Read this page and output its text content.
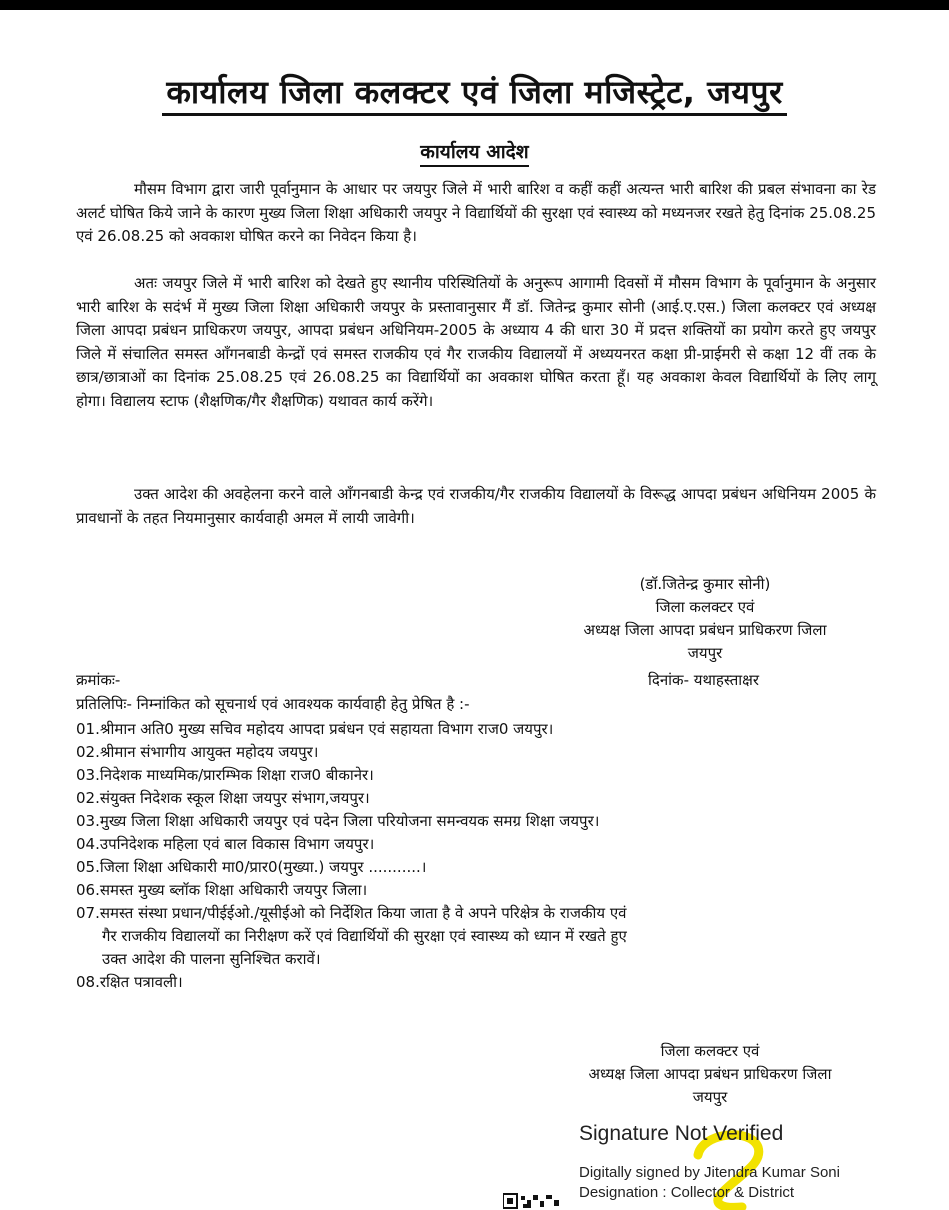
कार्यालय जिला कलक्टर एवं जिला मजिस्ट्रेट, जयपुर
कार्यालय आदेश

मौसम विभाग द्वारा जारी पूर्वानुमान के आधार पर जयपुर जिले में भारी बारिश व कहीं कहीं अत्यन्त भारी बारिश की प्रबल संभावना का रेड अलर्ट घोषित किये जाने के कारण मुख्य जिला शिक्षा अधिकारी जयपुर ने विद्यार्थियों की सुरक्षा एवं स्वास्थ्य को मध्यनजर रखते हेतु दिनांक 25.08.25 एवं 26.08.25 को अवकाश घोषित करने का निवेदन किया है।

अतः जयपुर जिले में भारी बारिश को देखते हुए स्थानीय परिस्थितियों के अनुरूप आगामी दिवसों में मौसम विभाग के पूर्वानुमान के अनुसार भारी बारिश के सदंर्भ में मुख्य जिला शिक्षा अधिकारी जयपुर के प्रस्तावानुसार मैं डॉ. जितेन्द्र कुमार सोनी (आई.ए.एस.) जिला कलक्टर एवं अध्यक्ष जिला आपदा प्रबंधन प्राधिकरण जयपुर, आपदा प्रबंधन अधिनियम-2005 के अध्याय 4 की धारा 30 में प्रदत्त शक्तियों का प्रयोग करते हुए जयपुर जिले में संचालित समस्त आँगनबाडी केन्द्रों एवं समस्त राजकीय एवं गैर राजकीय विद्यालयों में अध्ययनरत कक्षा प्री-प्राईमरी से कक्षा 12 वीं तक के छात्र/छात्राओं का दिनांक 25.08.25 एवं 26.08.25 का विद्यार्थियों का अवकाश घोषित करता हूँ। यह अवकाश केवल विद्यार्थियों के लिए लागू होगा। विद्यालय स्टाफ (शैक्षणिक/गैर शैक्षणिक) यथावत कार्य करेंगे।

उक्त आदेश की अवहेलना करने वाले आँगनबाडी केन्द्र एवं राजकीय/गैर राजकीय विद्यालयों के विरूद्ध आपदा प्रबंधन अधिनियम 2005 के प्रावधानों के तहत नियमानुसार कार्यवाही अमल में लायी जावेगी।

(डॉ.जितेन्द्र कुमार सोनी)
जिला कलक्टर एवं
अध्यक्ष जिला आपदा प्रबंधन प्राधिकरण जिला
जयपुर
क्रमांकः-	दिनांक- यथाहस्ताक्षर
प्रतिलिपिः- निम्नांकित को सूचनार्थ एवं आवश्यक कार्यवाही हेतु प्रेषित है :-
01.श्रीमान अति0 मुख्य सचिव महोदय आपदा प्रबंधन एवं सहायता विभाग राज0 जयपुर।
02.श्रीमान संभागीय आयुक्त महोदय जयपुर।
03.निदेशक माध्यमिक/प्रारम्भिक शिक्षा राज0 बीकानेर।
02.संयुक्त निदेशक स्कूल शिक्षा जयपुर संभाग,जयपुर।
03.मुख्य जिला शिक्षा अधिकारी जयपुर एवं पदेन जिला परियोजना समन्वयक समग्र शिक्षा जयपुर।
04.उपनिदेशक महिला एवं बाल विकास विभाग जयपुर।
05.जिला शिक्षा अधिकारी मा0/प्रार0(मुख्या.) जयपुर ...........।
06.समस्त मुख्य ब्लॉक शिक्षा अधिकारी जयपुर जिला।
07.समस्त संस्था प्रधान/पीईईओ./यूसीईओ को निर्देशित किया जाता है वे अपने परिक्षेत्र के राजकीय एवं
गैर राजकीय विद्यालयों का निरीक्षण करें एवं विद्यार्थियों की सुरक्षा एवं स्वास्थ्य को ध्यान में रखते हुए
उक्त आदेश की पालना सुनिश्चित करावें।
08.रक्षित पत्रावली।
जिला कलक्टर एवं
अध्यक्ष जिला आपदा प्रबंधन प्राधिकरण जिला
जयपुर
Signature Not Verified
Digitally signed by Jitendra Kumar Soni
Designation : Collector & District
